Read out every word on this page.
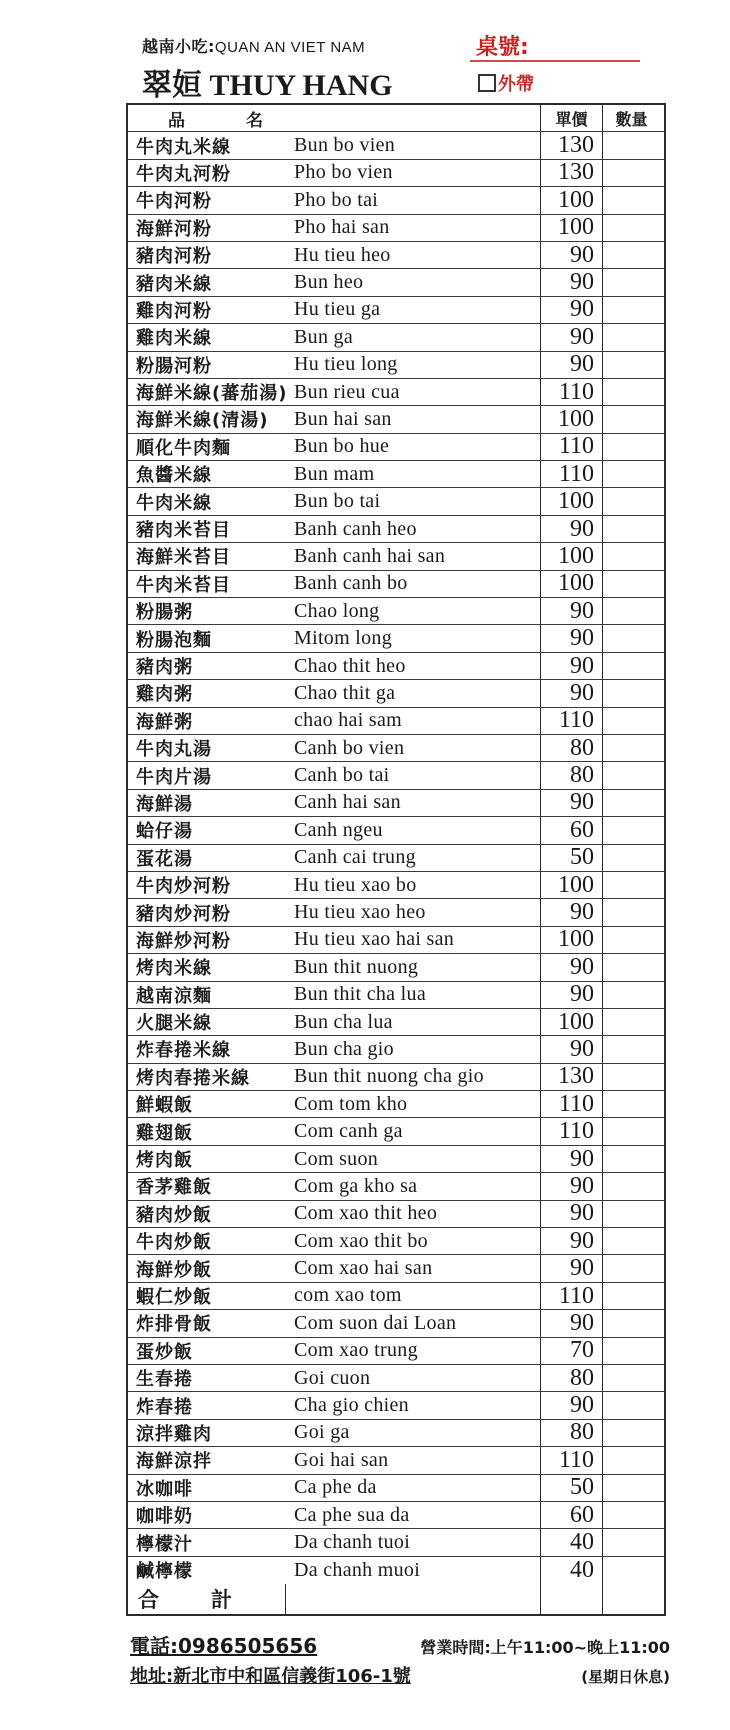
越南小吃:QUAN AN VIET NAM
翠姮 THUY HANG
桌號:
外帶
品	名	單價	數量
牛肉丸米線	Bun bo vien	130
牛肉丸河粉	Pho bo vien	130
牛肉河粉	Pho bo tai	100
海鮮河粉	Pho hai san	100
豬肉河粉	Hu tieu heo	90
豬肉米線	Bun heo	90
雞肉河粉	Hu tieu ga	90
雞肉米線	Bun ga	90
粉腸河粉	Hu tieu long	90
海鮮米線(蕃茄湯) Bun rieu cua	110
海鮮米線(清湯)	Bun hai san	100
順化牛肉麵	Bun bo hue	110
魚醬米線	Bun mam	110
牛肉米線	Bun bo tai	100
豬肉米苔目	Banh canh heo	90
海鮮米苔目	Banh canh hai san	100
牛肉米苔目	Banh canh bo	100
粉腸粥	Chao long	90
粉腸泡麵	Mitom long	90
豬肉粥	Chao thit heo	90
雞肉粥	Chao thit ga	90
海鮮粥	chao hai sam	110
牛肉丸湯	Canh bo vien	80
牛肉片湯	Canh bo tai	80
海鮮湯	Canh hai san	90
蛤仔湯	Canh ngeu	60
蛋花湯	Canh cai trung	50
牛肉炒河粉	Hu tieu xao bo	100
豬肉炒河粉	Hu tieu xao heo	90
海鮮炒河粉	Hu tieu xao hai san	100
烤肉米線	Bun thit nuong	90
越南涼麵	Bun thit cha lua	90
火腿米線	Bun cha lua	100
炸春捲米線	Bun cha gio	90
烤肉春捲米線	Bun thit nuong cha gio	130
鮮蝦飯	Com tom kho	110
雞翅飯	Com canh ga	110
烤肉飯	Com suon	90
香茅雞飯	Com ga kho sa	90
豬肉炒飯	Com xao thit heo	90
牛肉炒飯	Com xao thit bo	90
海鮮炒飯	Com xao hai san	90
蝦仁炒飯	com xao tom	110
炸排骨飯	Com suon dai Loan	90
蛋炒飯	Com xao trung	70
生春捲	Goi cuon	80
炸春捲	Cha gio chien	90
涼拌雞肉	Goi ga	80
海鮮涼拌	Goi hai san	110
冰咖啡	Ca phe da	50
咖啡奶	Ca phe sua da	60
檸檬汁	Da chanh tuoi	40
鹹檸檬	Da chanh muoi	40
合計
電話:0986505656	營業時間:上午11:00~晚上11:00
地址:新北市中和區信義街106-1號	(星期日休息)
